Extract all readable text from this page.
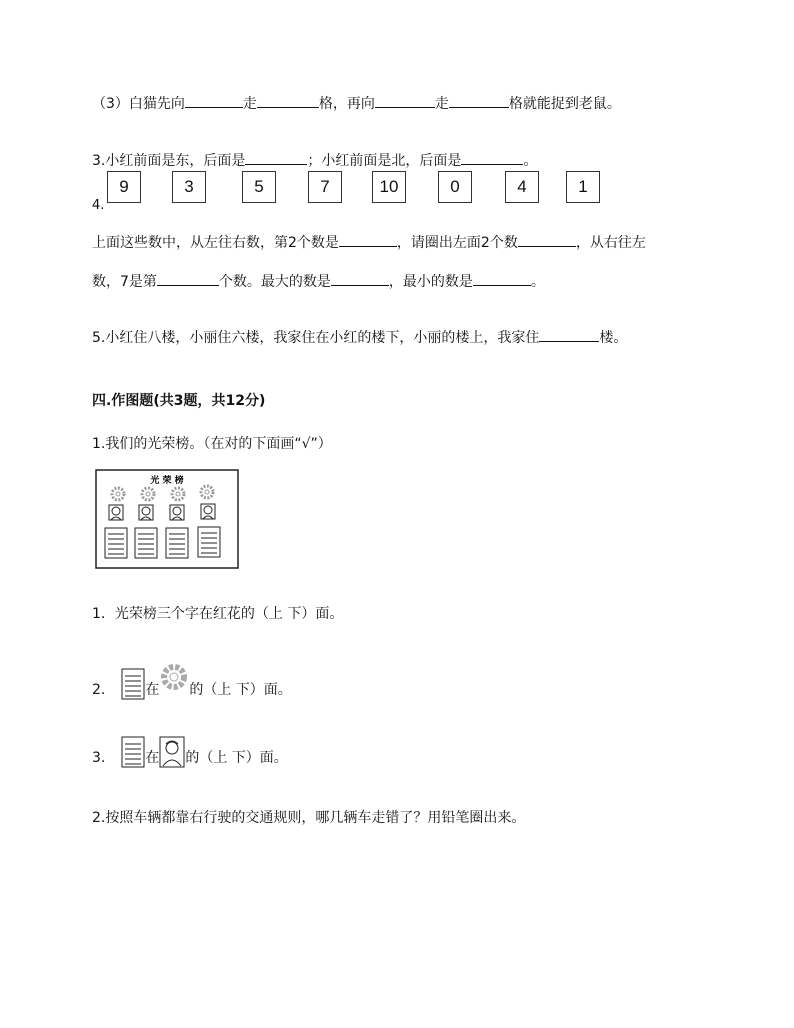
（3）白猫先向	走	格，再向	走	格就能捉到老鼠。
3.小红前面是东，后面是	；小红前面是北，后面是	。
4.
9	3	5	7	10	0	4	1
上面这些数中，从左往右数，第2个数是	，请圈出左面2个数	，从右往左
数，7是第	个数。最大的数是	，最小的数是	。
5.小红住八楼，小丽住六楼，我家住在小红的楼下，小丽的楼上，我家住	楼。
四.作图题(共3题，共12分)
1.我们的光荣榜。（在对的下面画“√”）
光 荣 榜
1．光荣榜三个字在红花的（上 下）面。
2.	在 的（上 下）面。
3.	在 的（上 下）面。
2.按照车辆都靠右行驶的交通规则，哪几辆车走错了？用铅笔圈出来。
